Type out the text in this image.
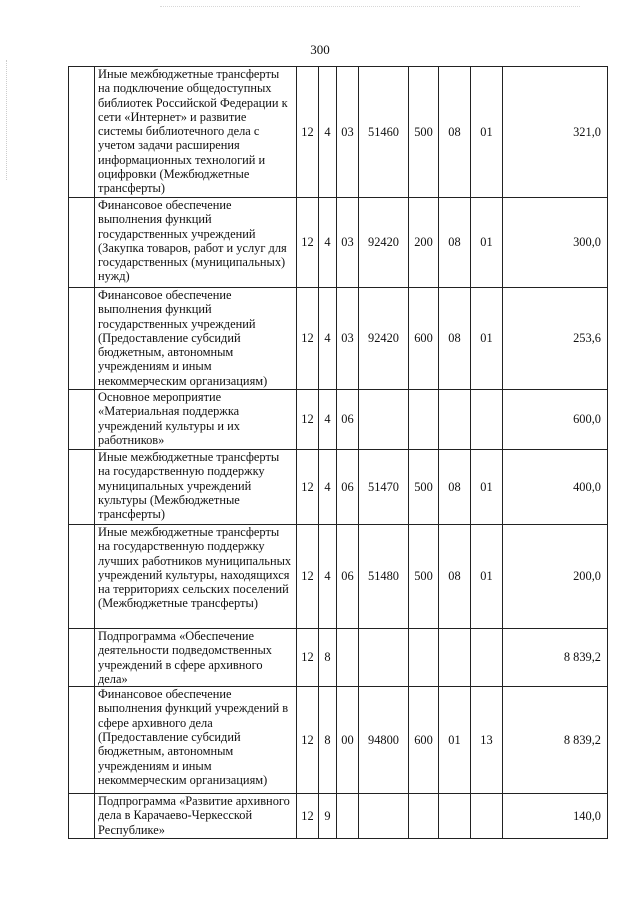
300
	Иные межбюджетные трансферты на подключение общедоступных библиотек Российской Федерации к сети «Интернет» и развитие системы библиотечного дела с учетом задачи расширения информационных технологий и оцифровки (Межбюджетные трансферты)	12	4	03	51460	500	08	01	321,0
	Финансовое обеспечение выполнения функций государственных учреждений (Закупка товаров, работ и услуг для государственных (муниципальных) нужд)	12	4	03	92420	200	08	01	300,0
	Финансовое обеспечение выполнения функций государственных учреждений (Предоставление субсидий бюджетным, автономным учреждениям и иным некоммерческим организациям)	12	4	03	92420	600	08	01	253,6
	Основное мероприятие «Материальная поддержка учреждений культуры и их работников»	12	4	06					600,0
	Иные межбюджетные трансферты на государственную поддержку муниципальных учреждений культуры (Межбюджетные трансферты)	12	4	06	51470	500	08	01	400,0
	Иные межбюджетные трансферты на государственную поддержку лучших работников муниципальных учреждений культуры, находящихся на территориях сельских поселений (Межбюджетные трансферты)	12	4	06	51480	500	08	01	200,0
	Подпрограмма «Обеспечение деятельности подведомственных учреждений в сфере архивного дела»	12	8						8 839,2
	Финансовое обеспечение выполнения функций учреждений в сфере архивного дела (Предоставление субсидий бюджетным, автономным учреждениям и иным некоммерческим организациям)	12	8	00	94800	600	01	13	8 839,2
	Подпрограмма «Развитие архивного дела в Карачаево-Черкесской Республике»	12	9						140,0
